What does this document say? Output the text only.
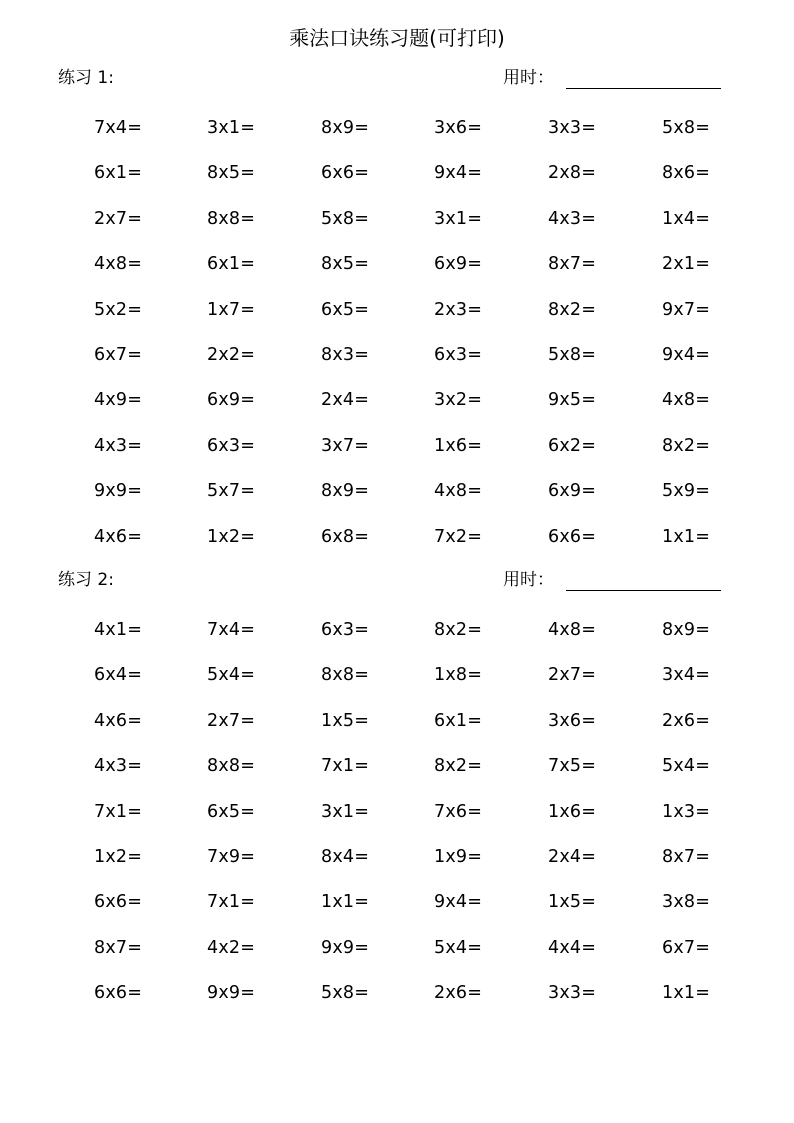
乘法口诀练习题(可打印)
练习 1:	用时：
7x4=	3x1=	8x9=	3x6=	3x3=	5x8=
6x1=	8x5=	6x6=	9x4=	2x8=	8x6=
2x7=	8x8=	5x8=	3x1=	4x3=	1x4=
4x8=	6x1=	8x5=	6x9=	8x7=	2x1=
5x2=	1x7=	6x5=	2x3=	8x2=	9x7=
6x7=	2x2=	8x3=	6x3=	5x8=	9x4=
4x9=	6x9=	2x4=	3x2=	9x5=	4x8=
4x3=	6x3=	3x7=	1x6=	6x2=	8x2=
9x9=	5x7=	8x9=	4x8=	6x9=	5x9=
4x6=	1x2=	6x8=	7x2=	6x6=	1x1=
练习 2:	用时：
4x1=	7x4=	6x3=	8x2=	4x8=	8x9=
6x4=	5x4=	8x8=	1x8=	2x7=	3x4=
4x6=	2x7=	1x5=	6x1=	3x6=	2x6=
4x3=	8x8=	7x1=	8x2=	7x5=	5x4=
7x1=	6x5=	3x1=	7x6=	1x6=	1x3=
1x2=	7x9=	8x4=	1x9=	2x4=	8x7=
6x6=	7x1=	1x1=	9x4=	1x5=	3x8=
8x7=	4x2=	9x9=	5x4=	4x4=	6x7=
6x6=	9x9=	5x8=	2x6=	3x3=	1x1=
